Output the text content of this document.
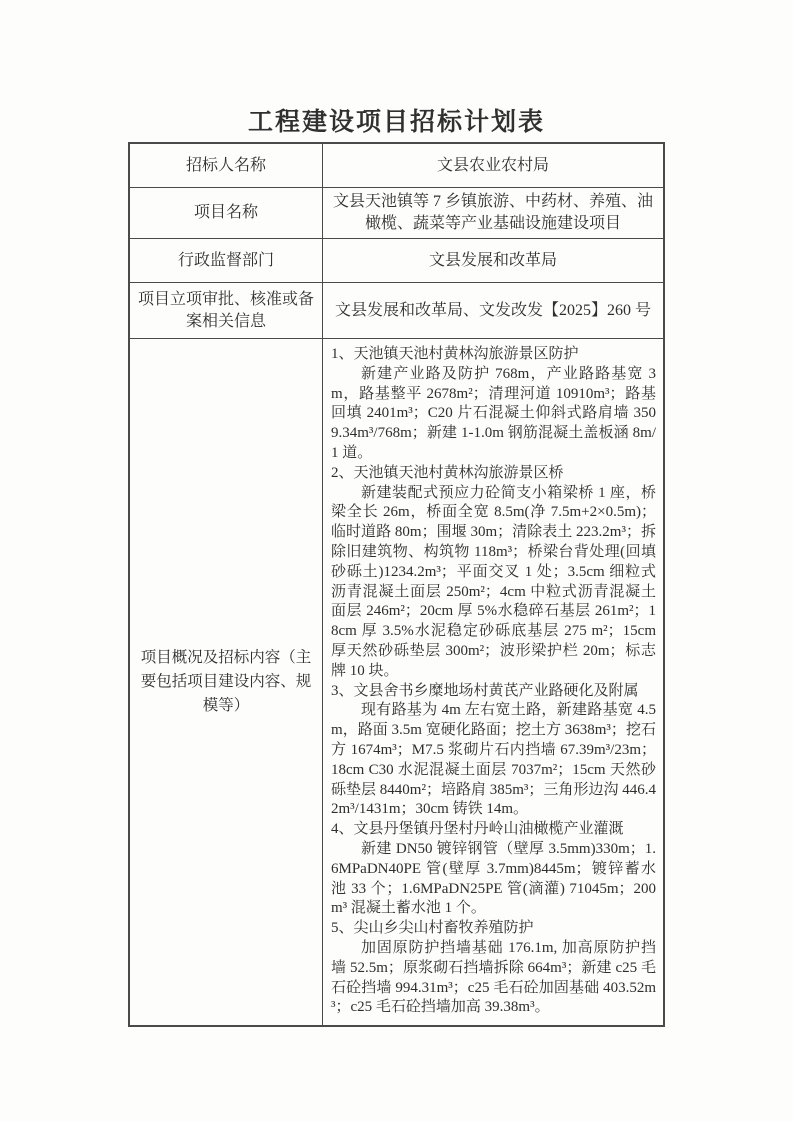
工程建设项目招标计划表
招标人名称	文县农业农村局
项目名称
文县天池镇等 7 乡镇旅游、中药材、养殖、油橄榄、蔬菜等产业基础设施建设项目
行政监督部门	文县发展和改革局
项目立项审批、核准或备案相关信息
文县发展和改革局、文发改发【2025】260 号
项目概况及招标内容（主要包括项目建设内容、规模等）

1、天池镇天池村黄林沟旅游景区防护

新建产业路及防护 768m，产业路路基宽 3m，路基整平 2678m²；清理河道 10910m³；路基回填 2401m³；C20 片石混凝土仰斜式路肩墙 3509.34m³/768m；新建 1-1.0m 钢筋混凝土盖板涵 8m/1 道。

2、天池镇天池村黄林沟旅游景区桥

新建装配式预应力砼简支小箱梁桥 1 座，桥梁全长 26m，桥面全宽 8.5m(净 7.5m+2×0.5m)；临时道路 80m；围堰 30m；清除表土 223.2m³；拆除旧建筑物、构筑物 118m³；桥梁台背处理(回填砂砾土)1234.2m³；平面交叉 1 处；3.5cm 细粒式沥青混凝土面层 250m²；4cm 中粒式沥青混凝土面层 246m²；20cm 厚 5%水稳碎石基层 261m²；18cm 厚 3.5%水泥稳定砂砾底基层 275 m²；15cm 厚天然砂砾垫层 300m²；波形梁护栏 20m；标志牌 10 块。

3、文县舍书乡糜地场村黄芪产业路硬化及附属

现有路基为 4m 左右宽土路，新建路基宽 4.5m，路面 3.5m 宽硬化路面；挖土方 3638m³；挖石方 1674m³；M7.5 浆砌片石内挡墙 67.39m³/23m；18cm C30 水泥混凝土面层 7037m²；15cm 天然砂砾垫层 8440m²；培路肩 385m³；三角形边沟 446.42m³/1431m；30cm 铸铁 14m。

4、文县丹堡镇丹堡村丹岭山油橄榄产业灌溉

新建 DN50 镀锌钢管（壁厚 3.5mm)330m；1.6MPaDN40PE 管(壁厚 3.7mm)8445m；镀锌蓄水池 33 个；1.6MPaDN25PE 管(滴灌) 71045m；200m³ 混凝土蓄水池 1 个。

5、尖山乡尖山村畜牧养殖防护

加固原防护挡墙基础 176.1m, 加高原防护挡墙 52.5m；原浆砌石挡墙拆除 664m³；新建 c25 毛石砼挡墙 994.31m³；c25 毛石砼加固基础 403.52m³；c25 毛石砼挡墙加高 39.38m³。
